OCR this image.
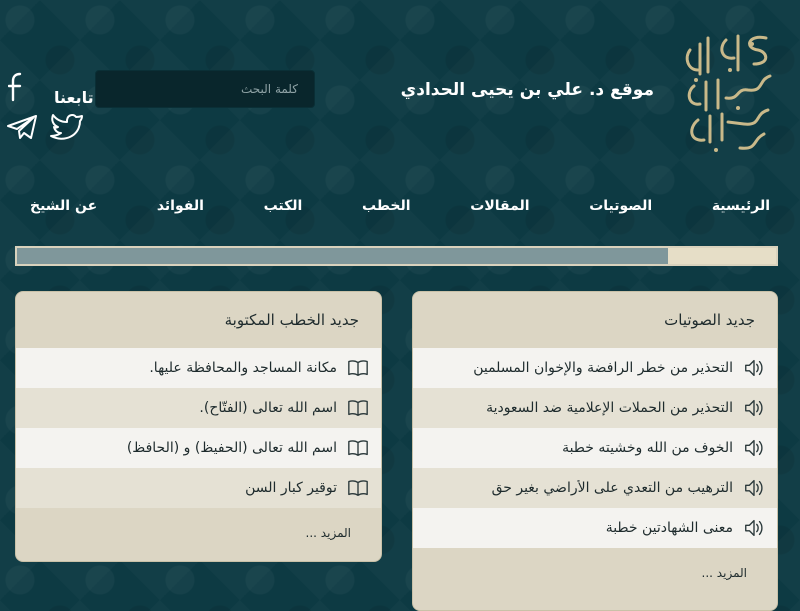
موقع د. علي بن يحيى الحدادي
كلمة البحث
تابعنا
الرئيسية
الصوتيات
المقالات
الخطب
الكتب
الفوائد
عن الشيخ
جديد الصوتيات
التحذير من خطر الرافضة والإخوان المسلمين
التحذير من الحملات الإعلامية ضد السعودية
الخوف من الله وخشيته خطبة
الترهيب من التعدي على الأراضي بغير حق
معنى الشهادتين خطبة
المزيد ...
جديد الخطب المكتوبة
مكانة المساجد والمحافظة عليها.
اسم الله تعالى (الفتّاح).
اسم الله تعالى (الحفيظ) و (الحافظ)
توقير كبار السن
المزيد ...
